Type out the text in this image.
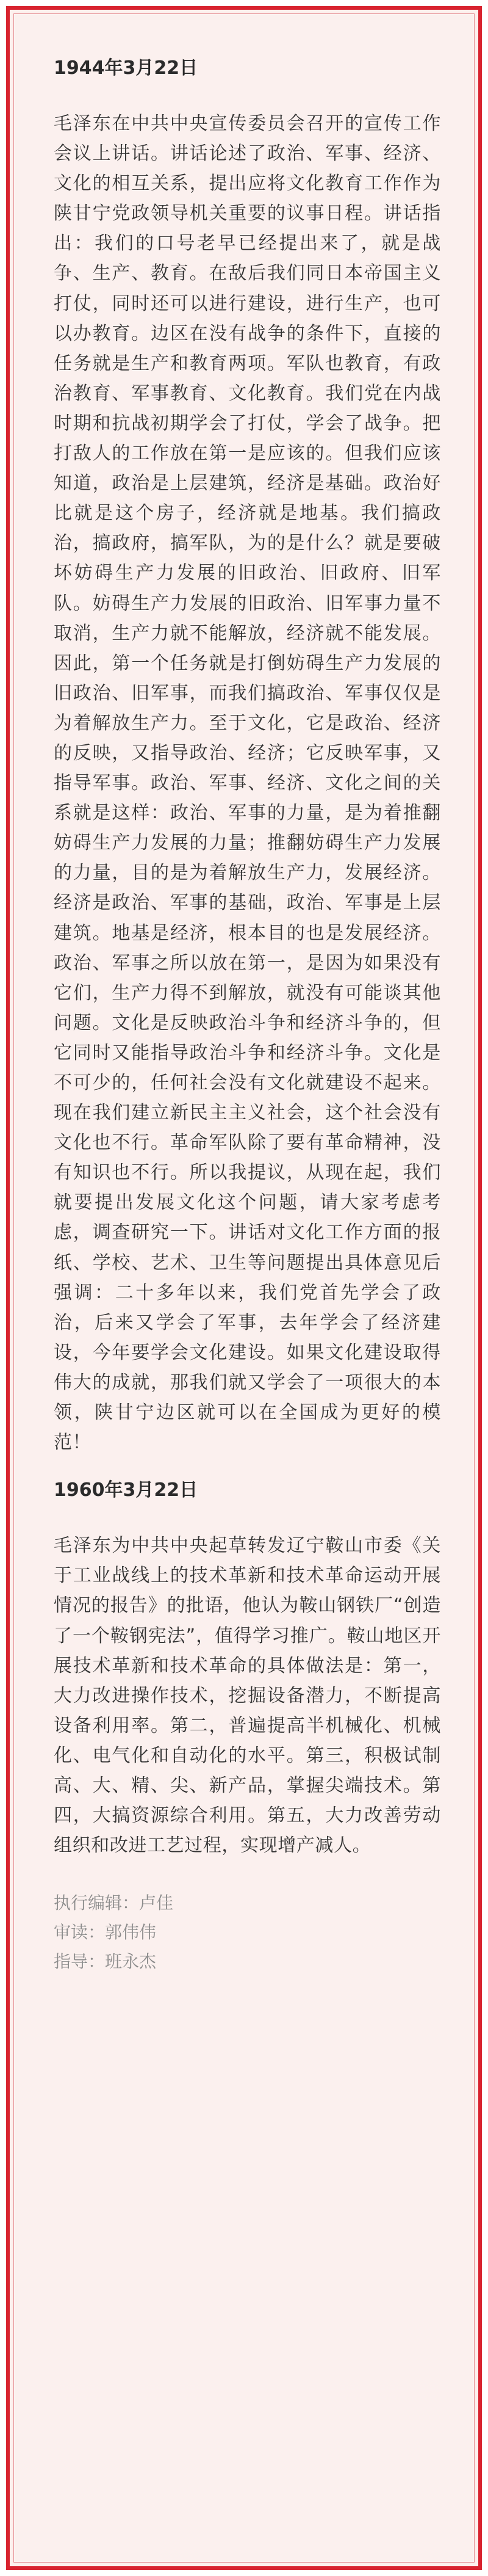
1944年3月22日

毛泽东在中共中央宣传委员会召开的宣传工作会议上讲话。讲话论述了政治、军事、经济、文化的相互关系，提出应将文化教育工作作为陕甘宁党政领导机关重要的议事日程。讲话指出：我们的口号老早已经提出来了，就是战争、生产、教育。在敌后我们同日本帝国主义打仗，同时还可以进行建设，进行生产，也可以办教育。边区在没有战争的条件下，直接的任务就是生产和教育两项。军队也教育，有政治教育、军事教育、文化教育。我们党在内战时期和抗战初期学会了打仗，学会了战争。把打敌人的工作放在第一是应该的。但我们应该知道，政治是上层建筑，经济是基础。政治好比就是这个房子，经济就是地基。我们搞政治，搞政府，搞军队，为的是什么？就是要破坏妨碍生产力发展的旧政治、旧政府、旧军队。妨碍生产力发展的旧政治、旧军事力量不取消，生产力就不能解放，经济就不能发展。因此，第一个任务就是打倒妨碍生产力发展的旧政治、旧军事，而我们搞政治、军事仅仅是为着解放生产力。至于文化，它是政治、经济的反映，又指导政治、经济；它反映军事，又指导军事。政治、军事、经济、文化之间的关系就是这样：政治、军事的力量，是为着推翻妨碍生产力发展的力量；推翻妨碍生产力发展的力量，目的是为着解放生产力，发展经济。经济是政治、军事的基础，政治、军事是上层建筑。地基是经济，根本目的也是发展经济。政治、军事之所以放在第一，是因为如果没有它们，生产力得不到解放，就没有可能谈其他问题。文化是反映政治斗争和经济斗争的，但它同时又能指导政治斗争和经济斗争。文化是不可少的，任何社会没有文化就建设不起来。现在我们建立新民主主义社会，这个社会没有文化也不行。革命军队除了要有革命精神，没有知识也不行。所以我提议，从现在起，我们就要提出发展文化这个问题，请大家考虑考虑，调查研究一下。讲话对文化工作方面的报纸、学校、艺术、卫生等问题提出具体意见后强调：二十多年以来，我们党首先学会了政治，后来又学会了军事，去年学会了经济建设，今年要学会文化建设。如果文化建设取得伟大的成就，那我们就又学会了一项很大的本领，陕甘宁边区就可以在全国成为更好的模范！

1960年3月22日

毛泽东为中共中央起草转发辽宁鞍山市委《关于工业战线上的技术革新和技术革命运动开展情况的报告》的批语，他认为鞍山钢铁厂“创造了一个鞍钢宪法”，值得学习推广。鞍山地区开展技术革新和技术革命的具体做法是：第一，大力改进操作技术，挖掘设备潜力，不断提高设备利用率。第二，普遍提高半机械化、机械化、电气化和自动化的水平。第三，积极试制高、大、精、尖、新产品，掌握尖端技术。第四，大搞资源综合利用。第五，大力改善劳动组织和改进工艺过程，实现增产减人。

执行编辑：卢佳
审读：郭伟伟
指导：班永杰
